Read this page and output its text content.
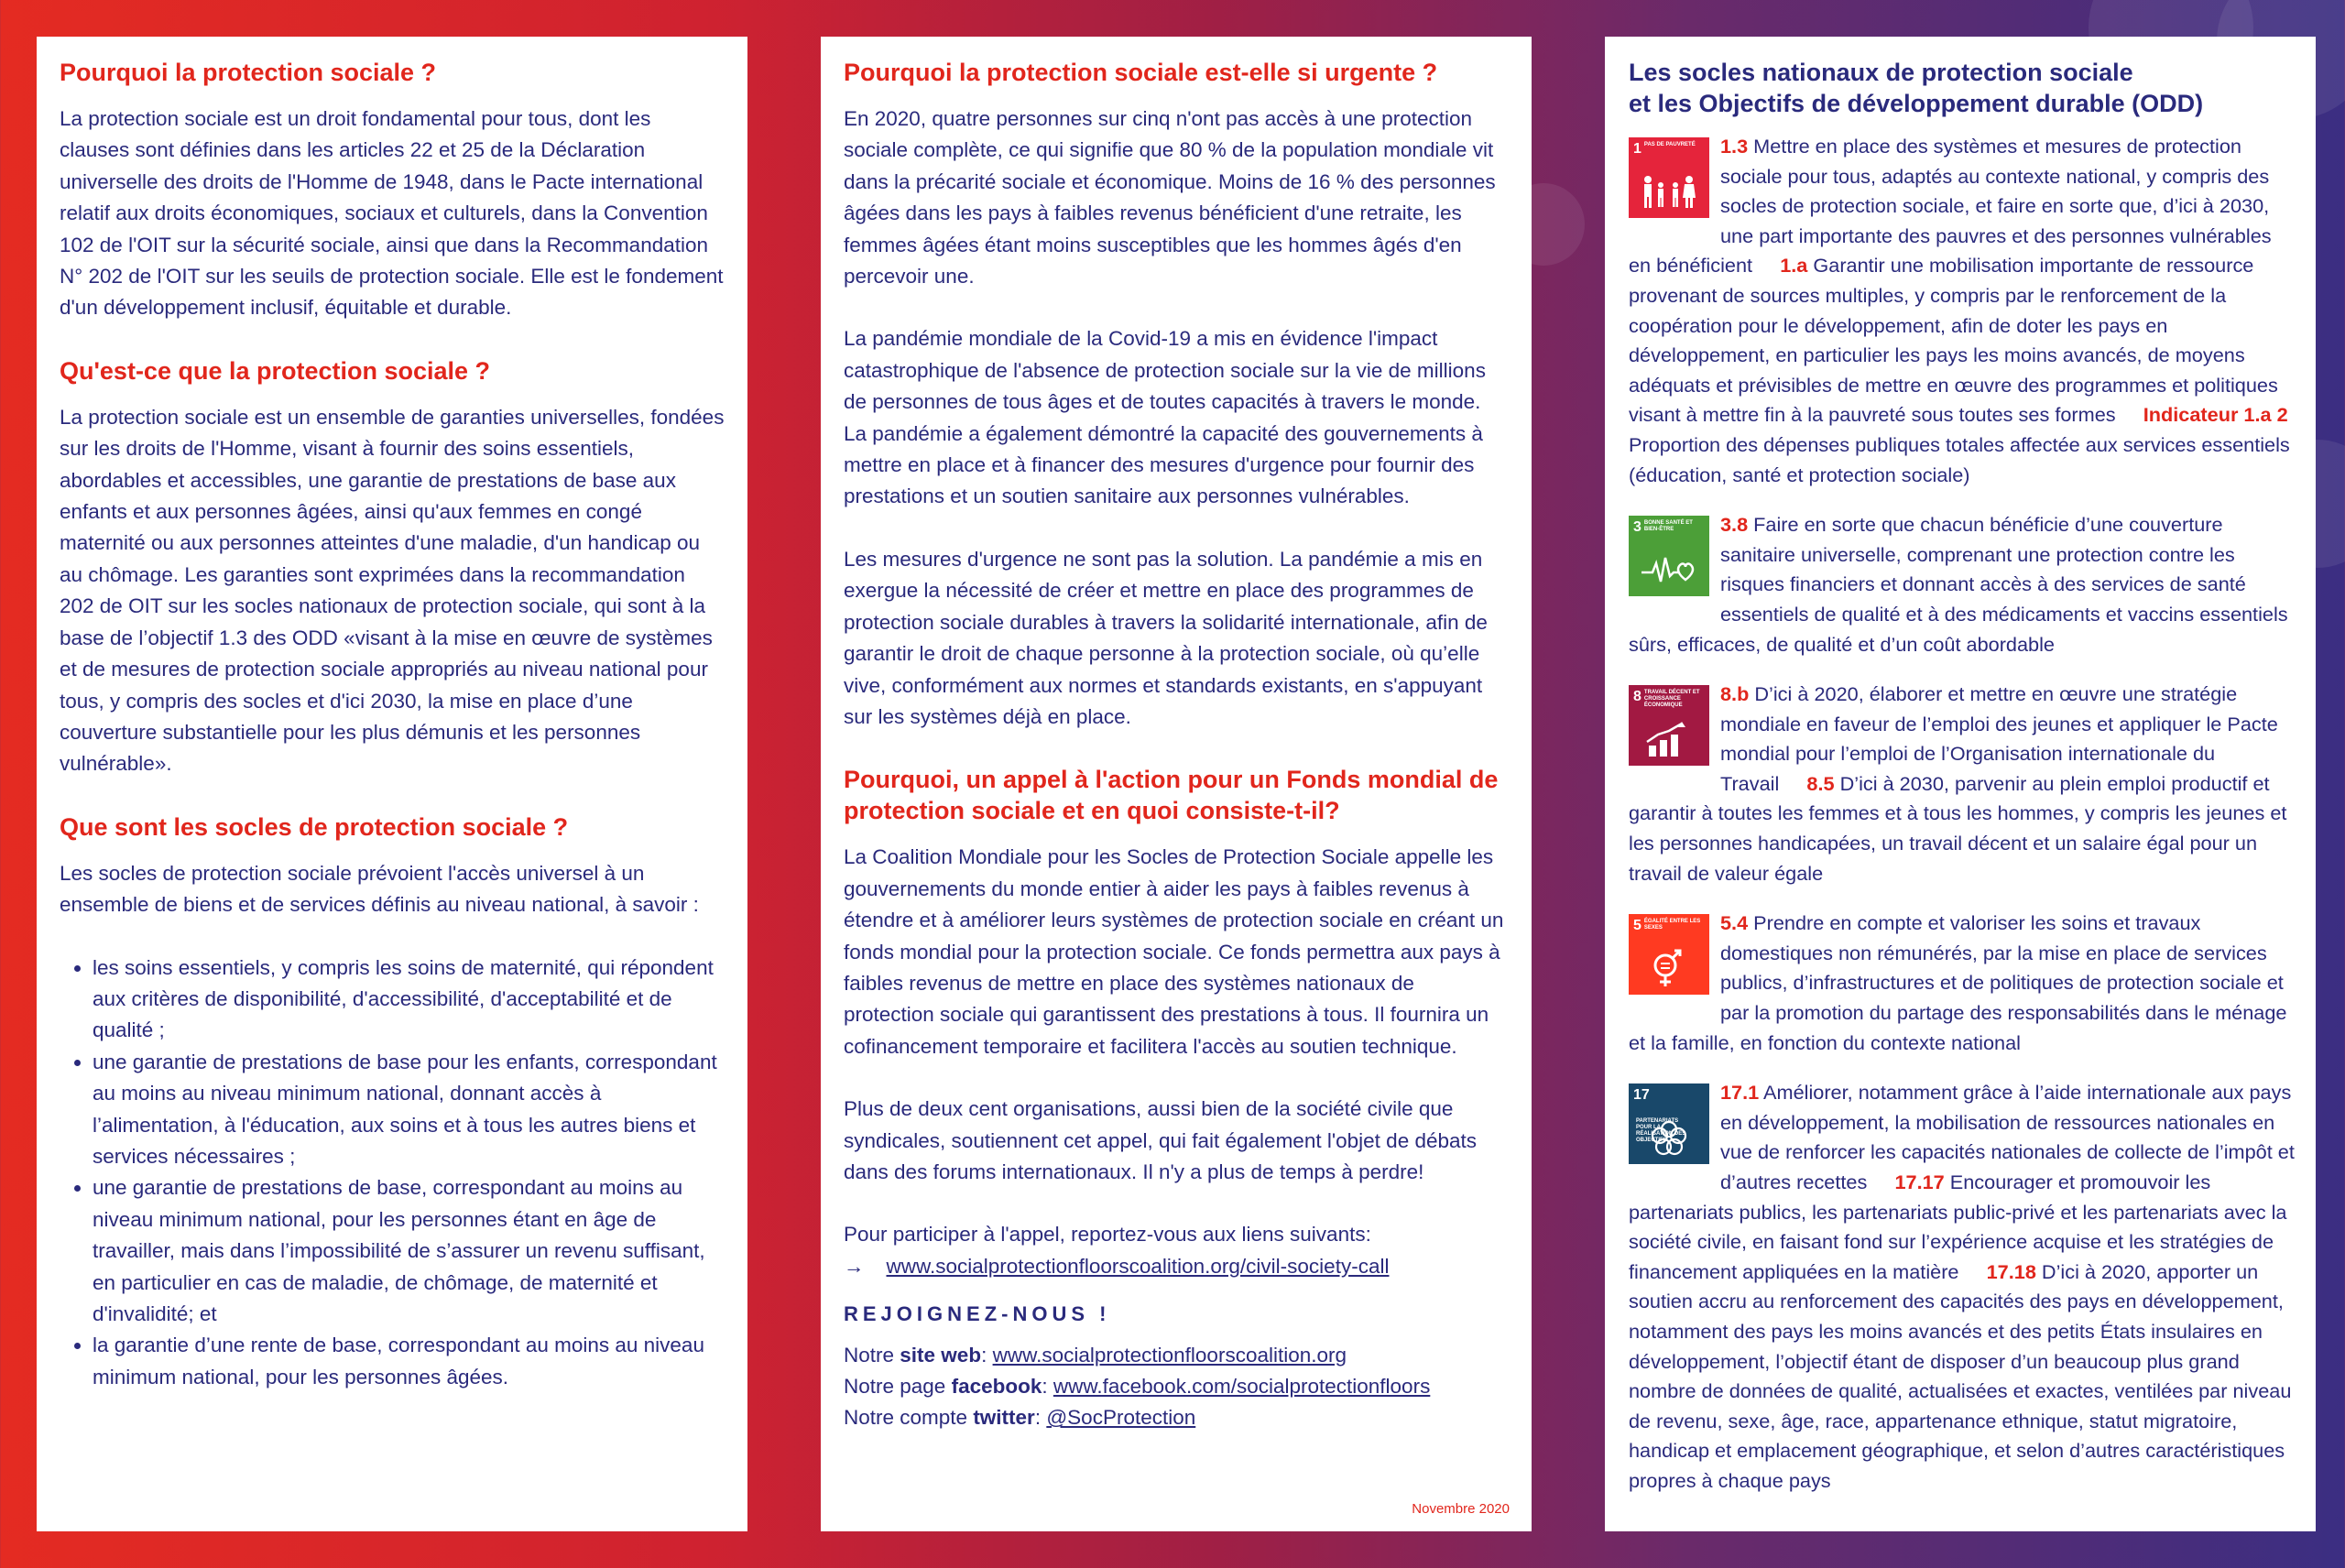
Pourquoi la protection sociale ?

La protection sociale est un droit fondamental pour tous, dont les clauses sont définies dans les articles 22 et 25 de la Déclaration universelle des droits de l'Homme de 1948, dans le Pacte international relatif aux droits économiques, sociaux et culturels, dans la Convention 102 de l'OIT sur la sécurité sociale, ainsi que dans la Recommandation N° 202 de l'OIT sur les seuils de protection sociale. Elle est le fondement d'un développement inclusif, équitable et durable.

Qu'est-ce que la protection sociale ?

La protection sociale est un ensemble de garanties universelles, fondées sur les droits de l'Homme, visant à fournir des soins essentiels, abordables et accessibles, une garantie de prestations de base aux enfants et aux personnes âgées, ainsi qu'aux femmes en congé maternité ou aux personnes atteintes d'une maladie, d'un handicap ou au chômage. Les garanties sont exprimées dans la recommandation 202 de OIT sur les socles nationaux de protection sociale, qui sont à la base de l’objectif 1.3 des ODD «visant à la mise en œuvre de systèmes et de mesures de protection sociale appropriés au niveau national pour tous, y compris des socles et d'ici 2030, la mise en place d’une couverture substantielle pour les plus démunis et les personnes vulnérable».

Que sont les socles de protection sociale ?

Les socles de protection sociale prévoient l'accès universel à un ensemble de biens et de services définis au niveau national, à savoir :

• les soins essentiels, y compris les soins de maternité, qui répondent aux critères de disponibilité, d'accessibilité, d'acceptabilité et de qualité ;
• une garantie de prestations de base pour les enfants, correspondant au moins au niveau minimum national, donnant accès à l’alimentation, à l'éducation, aux soins et à tous les autres biens et services nécessaires ;
• une garantie de prestations de base, correspondant au moins au niveau minimum national, pour les personnes étant en âge de travailler, mais dans l’impossibilité de s’assurer un revenu suffisant, en particulier en cas de maladie, de chômage, de maternité et d'invalidité; et
• la garantie d’une rente de base, correspondant au moins au niveau minimum national, pour les personnes âgées.
Pourquoi la protection sociale est-elle si urgente ?

En 2020, quatre personnes sur cinq n'ont pas accès à une protection sociale complète, ce qui signifie que 80 % de la population mondiale vit dans la précarité sociale et économique. Moins de 16 % des personnes âgées dans les pays à faibles revenus bénéficient d'une retraite, les femmes âgées étant moins susceptibles que les hommes âgés d'en percevoir une.

La pandémie mondiale de la Covid-19 a mis en évidence l'impact catastrophique de l'absence de protection sociale sur la vie de millions de personnes de tous âges et de toutes capacités à travers le monde. La pandémie a également démontré la capacité des gouvernements à mettre en place et à financer des mesures d'urgence pour fournir des prestations et un soutien sanitaire aux personnes vulnérables.

Les mesures d'urgence ne sont pas la solution. La pandémie a mis en exergue la nécessité de créer et mettre en place des programmes de protection sociale durables à travers la solidarité internationale, afin de garantir le droit de chaque personne à la protection sociale, où qu’elle vive, conformément aux normes et standards existants, en s'appuyant sur les systèmes déjà en place.

Pourquoi, un appel à l'action pour un Fonds mondial de protection sociale et en quoi consiste-t-il?

La Coalition Mondiale pour les Socles de Protection Sociale appelle les gouvernements du monde entier à aider les pays à faibles revenus à étendre et à améliorer leurs systèmes de protection sociale en créant un fonds mondial pour la protection sociale. Ce fonds permettra aux pays à faibles revenus de mettre en place des systèmes nationaux de protection sociale qui garantissent des prestations à tous. Il fournira un cofinancement temporaire et facilitera l'accès au soutien technique.

Plus de deux cent organisations, aussi bien de la société civile que syndicales, soutiennent cet appel, qui fait également l'objet de débats dans des forums internationaux. Il n'y a plus de temps à perdre!

Pour participer à l'appel, reportez-vous aux liens suivants:
→ www.socialprotectionfloorscoalition.org/civil-society-call
REJOIGNEZ-NOUS !
Notre site web: www.socialprotectionfloorscoalition.org
Notre page facebook: www.facebook.com/socialprotectionfloors
Notre compte twitter: @SocProtection
Novembre 2020
Les socles nationaux de protection sociale
et les Objectifs de développement durable (ODD)
1 PAS DE PAUVRETÉ	1.3 Mettre en place des systèmes et mesures de protection sociale pour tous, adaptés au contexte national, y compris des socles de protection sociale, et faire en sorte que, d’ici à 2030, une part importante des pauvres et des personnes vulnérables en bénéficient 1.a Garantir une mobilisation importante de ressource provenant de sources multiples, y compris par le renforcement de la coopération pour le développement, afin de doter les pays en développement, en particulier les pays les moins avancés, de moyens adéquats et prévisibles de mettre en œuvre des programmes et politiques visant à mettre fin à la pauvreté sous toutes ses formes Indicateur 1.a 2 Proportion des dépenses publiques totales affectée aux services essentiels (éducation, santé et protection sociale)
3 BONNE SANTÉ ET BIEN-ÊTRE	3.8 Faire en sorte que chacun bénéficie d’une couverture sanitaire universelle, comprenant une protection contre les risques financiers et donnant accès à des services de santé essentiels de qualité et à des médicaments et vaccins essentiels sûrs, efficaces, de qualité et d’un coût abordable
8 TRAVAIL DÉCENT ET CROISSANCE ÉCONOMIQUE	8.b D’ici à 2020, élaborer et mettre en œuvre une stratégie mondiale en faveur de l’emploi des jeunes et appliquer le Pacte mondial pour l’emploi de l’Organisation internationale du Travail 8.5 D’ici à 2030, parvenir au plein emploi productif et garantir à toutes les femmes et à tous les hommes, y compris les jeunes et les personnes handicapées, un travail décent et un salaire égal pour un travail de valeur égale
5 ÉGALITÉ ENTRE LES SEXES	5.4 Prendre en compte et valoriser les soins et travaux domestiques non rémunérés, par la mise en place de services publics, d’infrastructures et de politiques de protection sociale et par la promotion du partage des responsabilités dans le ménage et la famille, en fonction du contexte national
17PARTENARIATS POUR LA RÉALISATION DES OBJECTIFS
17.1 Améliorer, notamment grâce à l’aide internationale aux pays en développement, la mobilisation de ressources nationales en vue de renforcer les capacités nationales de collecte de l’impôt et d’autres recettes 17.17 Encourager et promouvoir les partenariats publics, les partenariats public-privé et les partenariats avec la société civile, en faisant fond sur l’expérience acquise et les stratégies de financement appliquées en la matière 17.18 D’ici à 2020, apporter un soutien accru au renforcement des capacités des pays en développement, notamment des pays les moins avancés et des petits États insulaires en développement, l’objectif étant de disposer d’un beaucoup plus grand nombre de données de qualité, actualisées et exactes, ventilées par niveau de revenu, sexe, âge, race, appartenance ethnique, statut migratoire, handicap et emplacement géographique, et selon d’autres caractéristiques propres à chaque pays
